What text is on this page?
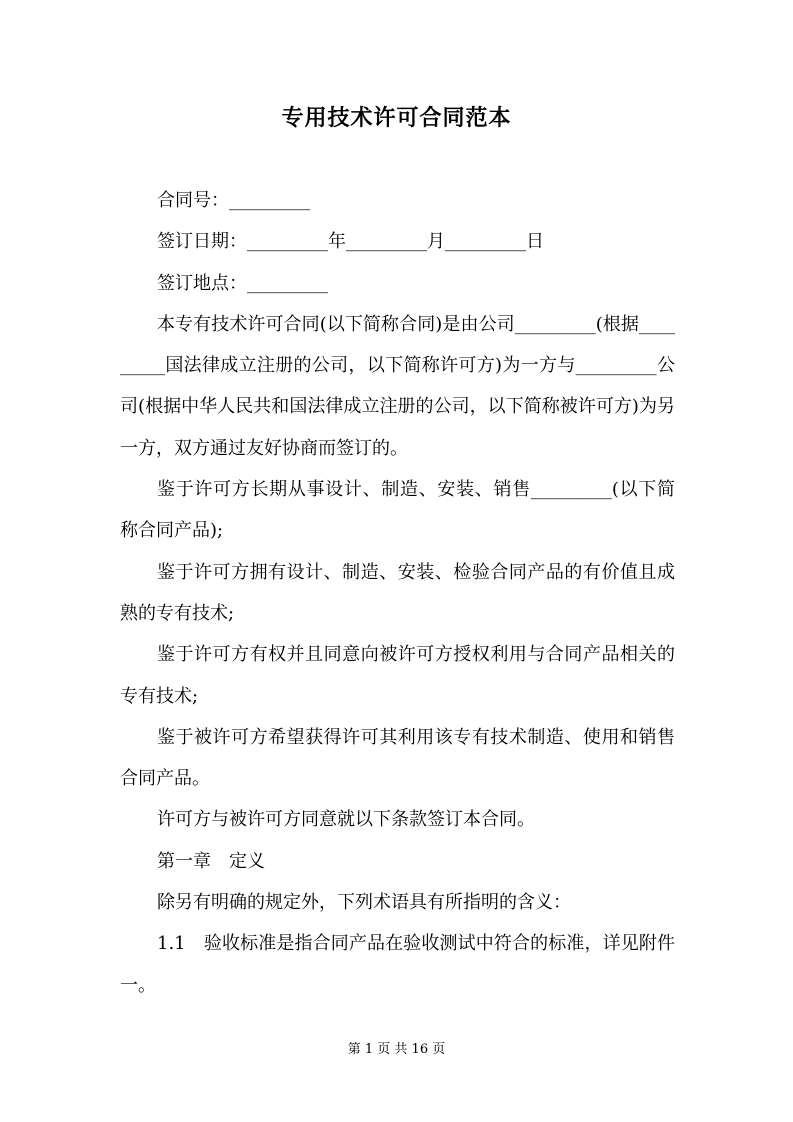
专用技术许可合同范本

合同号：_________

签订日期：_________年_________月_________日

签订地点：_________

本专有技术许可合同(以下简称合同)是由公司_________(根据_________国法律成立注册的公司，以下简称许可方)为一方与_________公司(根据中华人民共和国法律成立注册的公司，以下简称被许可方)为另一方，双方通过友好协商而签订的。

鉴于许可方长期从事设计、制造、安装、销售_________(以下简称合同产品);

鉴于许可方拥有设计、制造、安装、检验合同产品的有价值且成熟的专有技术;

鉴于许可方有权并且同意向被许可方授权利用与合同产品相关的专有技术;

鉴于被许可方希望获得许可其利用该专有技术制造、使用和销售合同产品。

许可方与被许可方同意就以下条款签订本合同。

第一章　定义

除另有明确的规定外，下列术语具有所指明的含义：

1.1　验收标准是指合同产品在验收测试中符合的标准，详见附件一。

第 1 页 共 16 页
